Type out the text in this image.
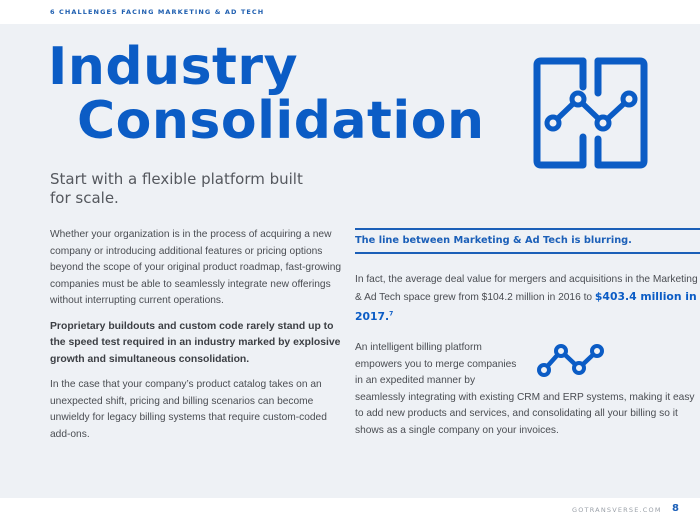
6 CHALLENGES FACING MARKETING & AD TECH
Industry
Consolidation
Start with a flexible platform built for scale.

Whether your organization is in the process of acquiring a new company or introducing additional features or pricing options beyond the scope of your original product roadmap, fast-growing companies must be able to seamlessly integrate new offerings without interrupting current operations.

Proprietary buildouts and custom code rarely stand up to the speed test required in an industry marked by explosive growth and simultaneous consolidation.

In the case that your company’s product catalog takes on an unexpected shift, pricing and billing scenarios can become unwieldy for legacy billing systems that require custom-coded add-ons.

The line between Marketing & Ad Tech is blurring.

In fact, the average deal value for mergers and acquisitions in the Marketing & Ad Tech space grew from $104.2 million in 2016 to $403.4 million in 2017.$^7$

An intelligent billing platform empowers you to merge companies in an expedited manner by seamlessly integrating with existing CRM and ERP systems, making it easy to add new products and services, and consolidating all your billing so it shows as a single company on your invoices.

GOTRANSVERSE.COM 8
